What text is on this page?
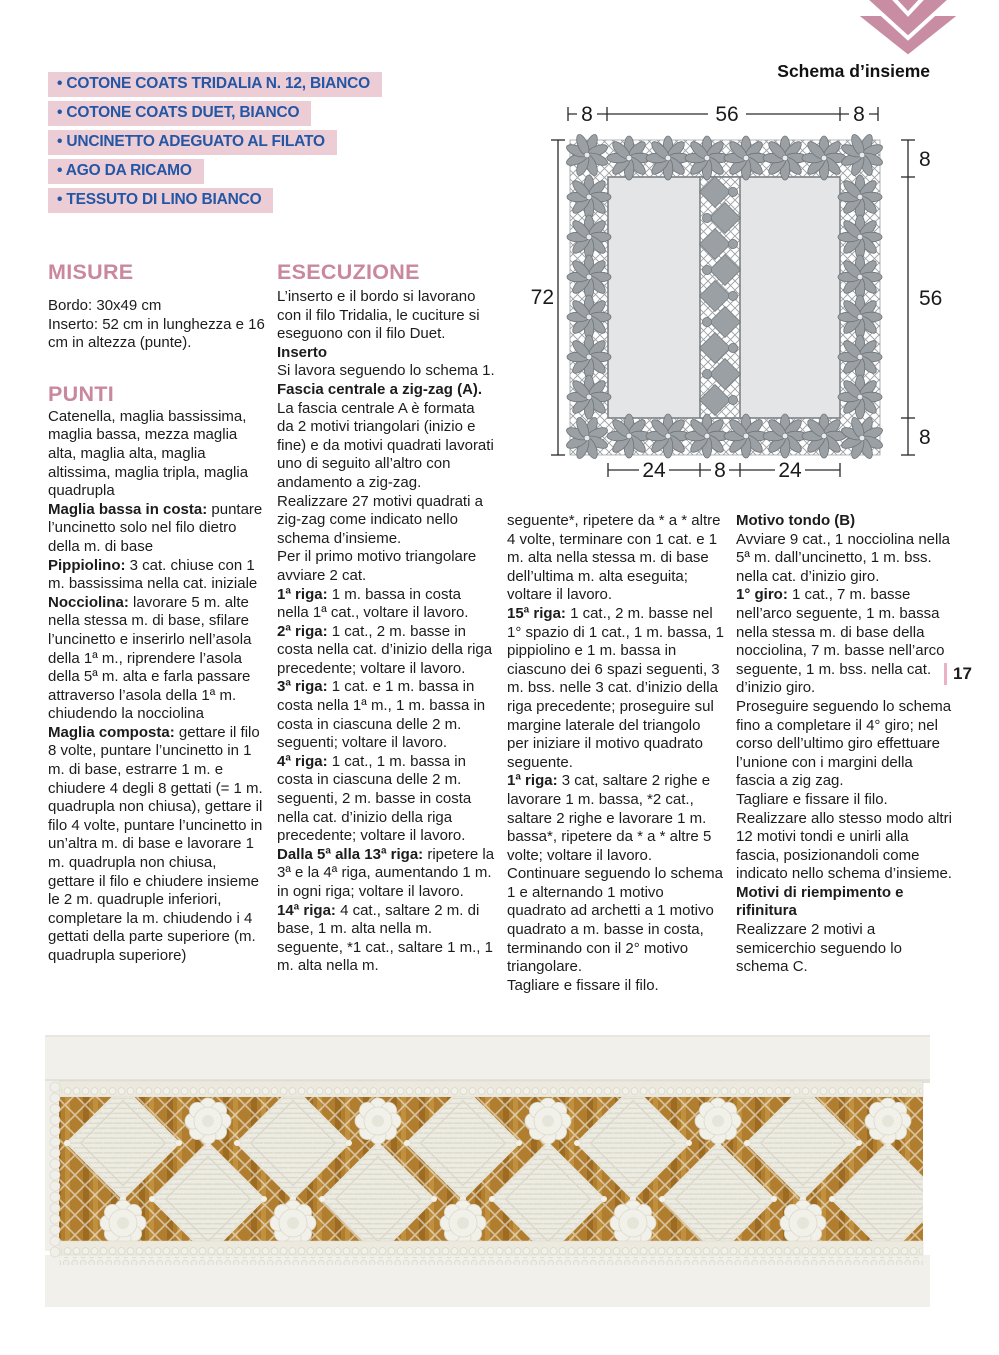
Schema d’insieme
• COTONE COATS TRIDALIA N. 12, BIANCO
• COTONE COATS DUET, BIANCO
• UNCINETTO ADEGUATO AL FILATO
• AGO DA RICAMO
• TESSUTO DI LINO BIANCO
MISURE

Bordo: 30x49 cm

Inserto: 52 cm in lunghezza e 16 cm in altezza (punte).

PUNTI

Catenella, maglia bassissima, maglia bassa, mezza maglia alta, maglia alta, maglia altissima, maglia tripla, maglia quadrupla

Maglia bassa in costa: puntare l’uncinetto solo nel filo dietro della m. di base

Pippiolino: 3 cat. chiuse con 1 m. bassissima nella cat. iniziale

Nocciolina: lavorare 5 m. alte nella stessa m. di base, sfilare l’uncinetto e inserirlo nell’asola della 1ª m., riprendere l’asola della 5ª m. alta e farla passare attraverso l’asola della 1ª m. chiudendo la nocciolina

Maglia composta: gettare il filo 8 volte, puntare l’uncinetto in 1 m. di base, estrarre 1 m. e chiudere 4 degli 8 gettati (= 1 m. quadrupla non chiusa), gettare il filo 4 volte, puntare l’uncinetto in un’altra m. di base e lavorare 1 m. quadrupla non chiusa, gettare il filo e chiudere insieme le 2 m. quadruple inferiori, completare la m. chiudendo i 4 gettati della parte superiore (m. quadrupla superiore)

ESECUZIONE

L’inserto e il bordo si lavorano con il filo Tridalia, le cuciture si eseguono con il filo Duet.

Inserto

Si lavora seguendo lo schema 1.

Fascia centrale a zig-zag (A).

La fascia centrale A è formata da 2 motivi triangolari (inizio e fine) e da motivi quadrati lavorati uno di seguito all’altro con andamento a zig-zag.

Realizzare 27 motivi quadrati a zig-zag come indicato nello schema d’insieme.

Per il primo motivo triangolare avviare 2 cat.

1ª riga: 1 m. bassa in costa nella 1ª cat., voltare il lavoro.

2ª riga: 1 cat., 2 m. basse in costa nella cat. d’inizio della riga precedente; voltare il lavoro.

3ª riga: 1 cat. e 1 m. bassa in costa nella 1ª m., 1 m. bassa in costa in ciascuna delle 2 m. seguenti; voltare il lavoro.

4ª riga: 1 cat., 1 m. bassa in costa in ciascuna delle 2 m. seguenti, 2 m. basse in costa nella cat. d’inizio della riga precedente; voltare il lavoro.

Dalla 5ª alla 13ª riga: ripetere la 3ª e la 4ª riga, aumentando 1 m. in ogni riga; voltare il lavoro.

14ª riga: 4 cat., saltare 2 m. di base, 1 m. alta nella m. seguente, *1 cat., saltare 1 m., 1 m. alta nella m.

seguente*, ripetere da * a * altre 4 volte, terminare con 1 cat. e 1 m. alta nella stessa m. di base dell’ultima m. alta eseguita; voltare il lavoro.

15ª riga: 1 cat., 2 m. basse nel 1° spazio di 1 cat., 1 m. bassa, 1 pippiolino e 1 m. bassa in ciascuno dei 6 spazi seguenti, 3 m. bss. nelle 3 cat. d’inizio della riga precedente; proseguire sul margine laterale del triangolo per iniziare il motivo quadrato seguente.

1ª riga: 3 cat, saltare 2 righe e lavorare 1 m. bassa, *2 cat., saltare 2 righe e lavorare 1 m. bassa*, ripetere da * a * altre 5 volte; voltare il lavoro.

Continuare seguendo lo schema 1 e alternando 1 motivo quadrato ad archetti a 1 motivo quadrato a m. basse in costa, terminando con il 2° motivo triangolare.

Tagliare e fissare il filo.

Motivo tondo (B)

Avviare 9 cat., 1 nocciolina nella 5ª m. dall’uncinetto, 1 m. bss. nella cat. d’inizio giro.

1° giro: 1 cat., 7 m. basse nell’arco seguente, 1 m. bassa nella stessa m. di base della nocciolina, 7 m. basse nell’arco seguente, 1 m. bss. nella cat. d’inizio giro.

Proseguire seguendo lo schema fino a completare il 4° giro; nel corso dell’ultimo giro effettuare l’unione con i margini della fascia a zig zag.

Tagliare e fissare il filo.

Realizzare allo stesso modo altri 12 motivi tondi e unirli alla fascia, posizionandoli come indicato nello schema d’insieme.

Motivi di riempimento e rifinitura

Realizzare 2 motivi a semicerchio seguendo lo schema C.

8	56	8
72
8
56
8
24 8 24
17
